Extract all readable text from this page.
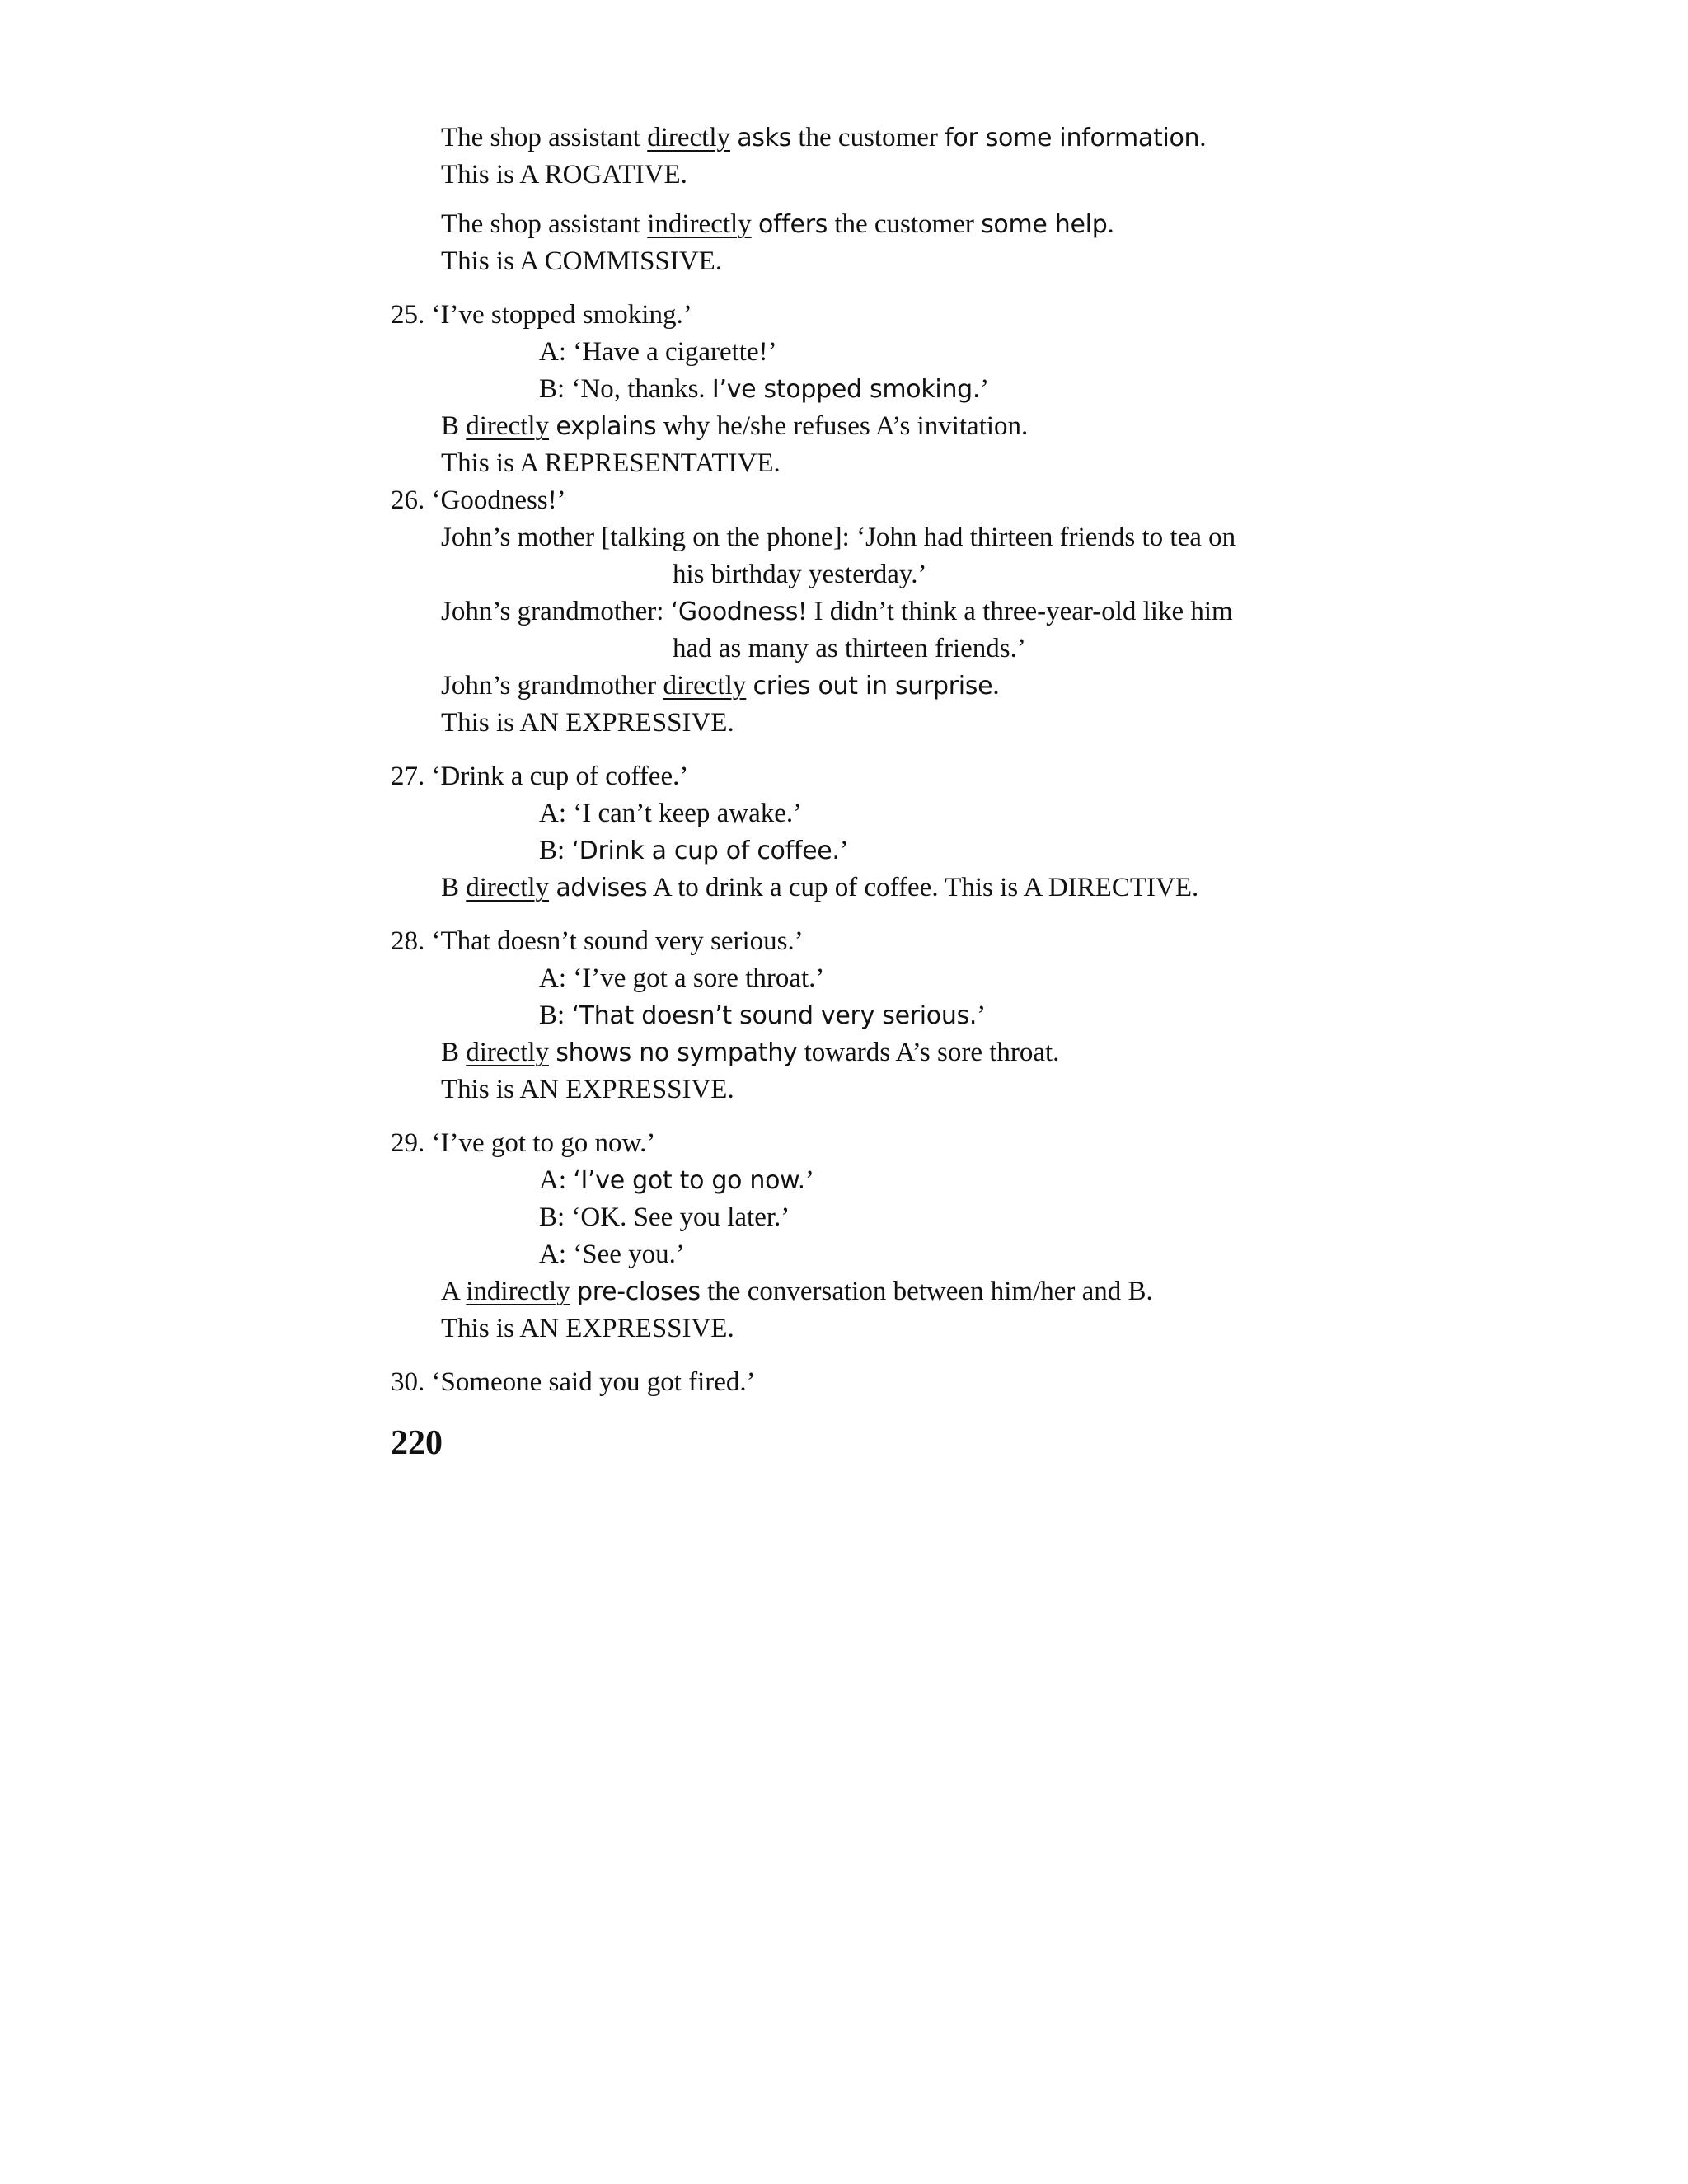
The shop assistant directly asks the customer for some information.
This is A ROGATIVE.
The shop assistant indirectly offers the customer some help.
This is A COMMISSIVE.
25. ‘I’ve stopped smoking.’
A: ‘Have a cigarette!’
B: ‘No, thanks. I’ve stopped smoking.’
B directly explains why he/she refuses A’s invitation.
This is A REPRESENTATIVE.
26. ‘Goodness!’
John’s mother [talking on the phone]: ‘John had thirteen friends to tea on
his birthday yesterday.’
John’s grandmother: ‘Goodness! I didn’t think a three-year-old like him
had as many as thirteen friends.’
John’s grandmother directly cries out in surprise.
This is AN EXPRESSIVE.
27. ‘Drink a cup of coffee.’
A: ‘I can’t keep awake.’
B: ‘Drink a cup of coffee.’
B directly advises A to drink a cup of coffee. This is A DIRECTIVE.
28. ‘That doesn’t sound very serious.’
A: ‘I’ve got a sore throat.’
B: ‘That doesn’t sound very serious.’
B directly shows no sympathy towards A’s sore throat.
This is AN EXPRESSIVE.
29. ‘I’ve got to go now.’
A: ‘I’ve got to go now.’
B: ‘OK. See you later.’
A: ‘See you.’
A indirectly pre-closes the conversation between him/her and B.
This is AN EXPRESSIVE.
30. ‘Someone said you got fired.’
220
